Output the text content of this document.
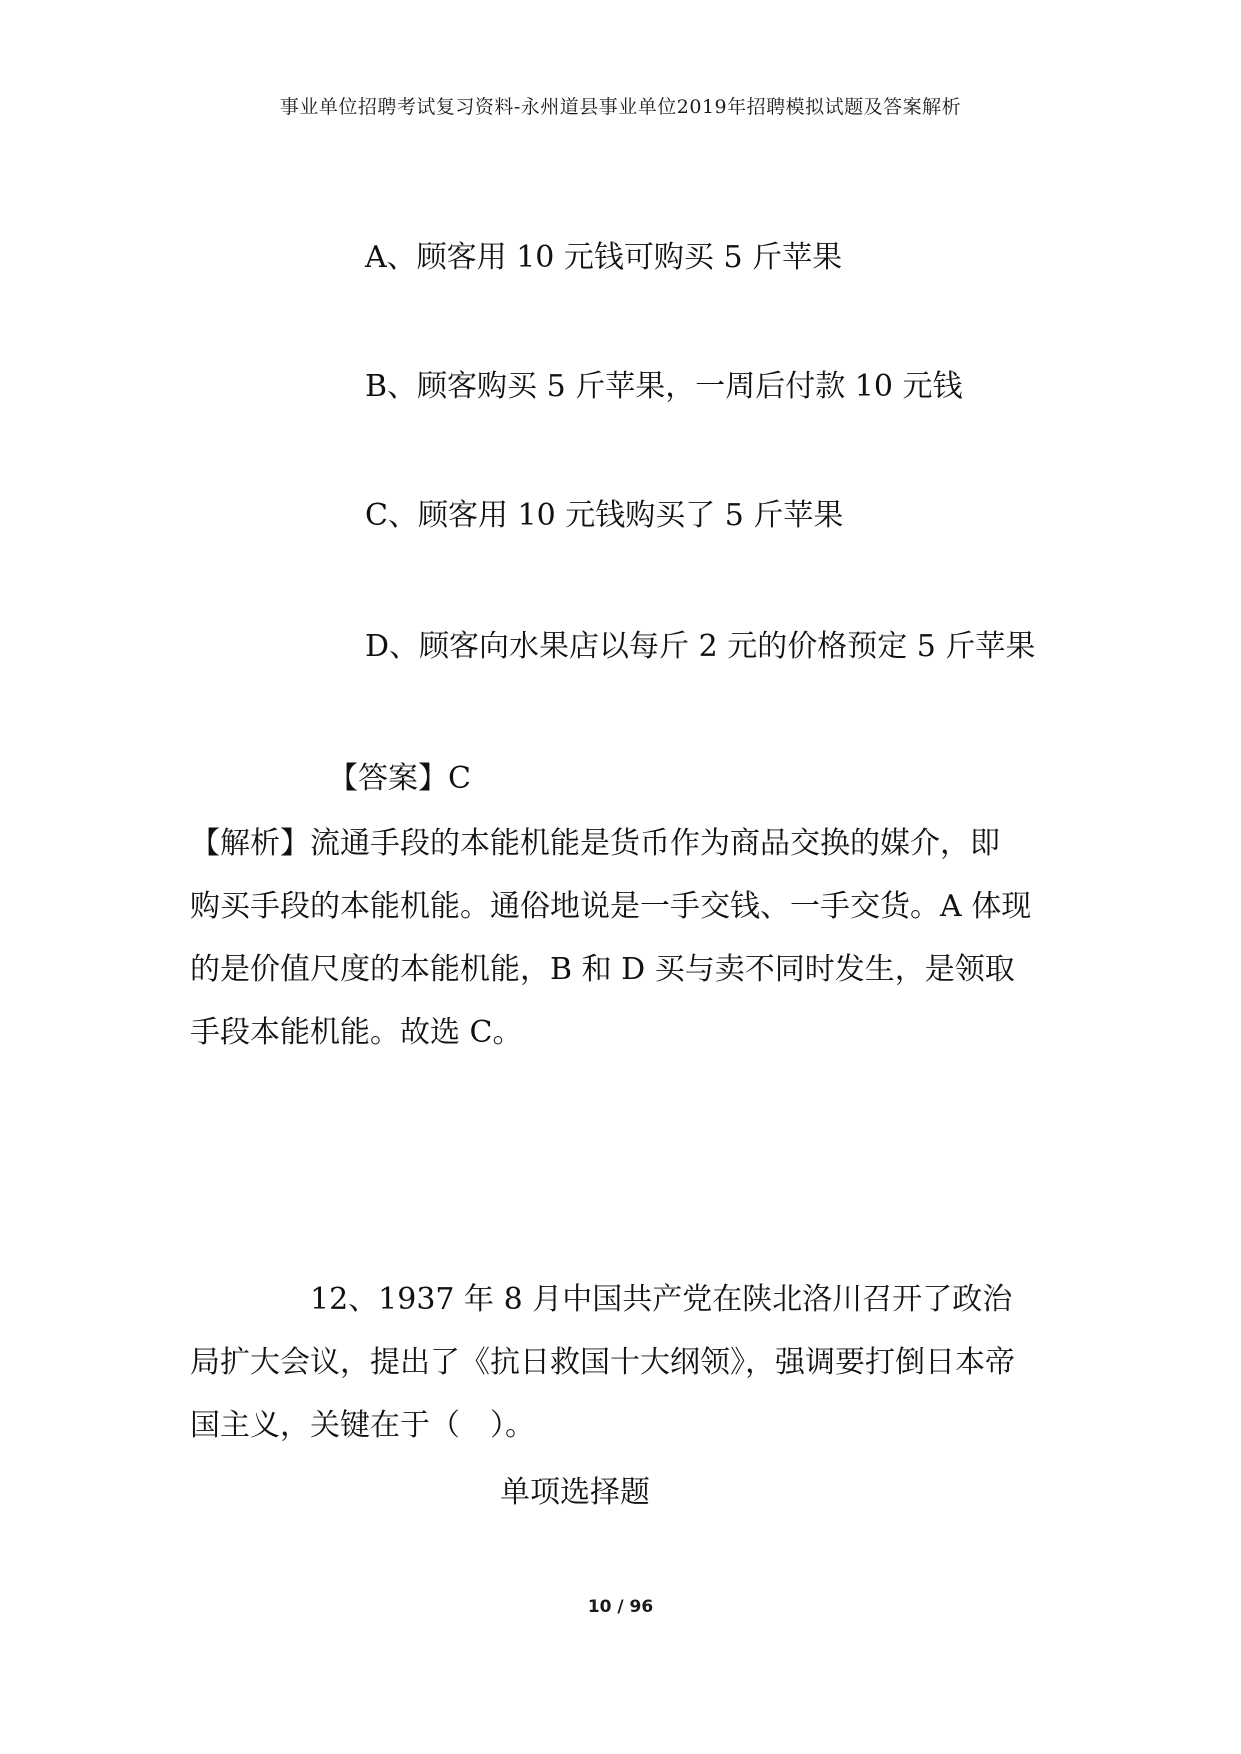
事业单位招聘考试复习资料-永州道县事业单位2019年招聘模拟试题及答案解析
A、顾客用 10 元钱可购买 5 斤苹果
B、顾客购买 5 斤苹果，一周后付款 10 元钱
C、顾客用 10 元钱购买了 5 斤苹果
D、顾客向水果店以每斤 2 元的价格预定 5 斤苹果
【答案】C
【解析】流通手段的本能机能是货币作为商品交换的媒介，即
购买手段的本能机能。通俗地说是一手交钱、一手交货。A 体现
的是价值尺度的本能机能，B 和 D 买与卖不同时发生，是领取
手段本能机能。故选 C。
　　　　12、1937 年 8 月中国共产党在陕北洛川召开了政治
局扩大会议，提出了《抗日救国十大纲领》，强调要打倒日本帝
国主义，关键在于（　）。
单项选择题
10 / 96
